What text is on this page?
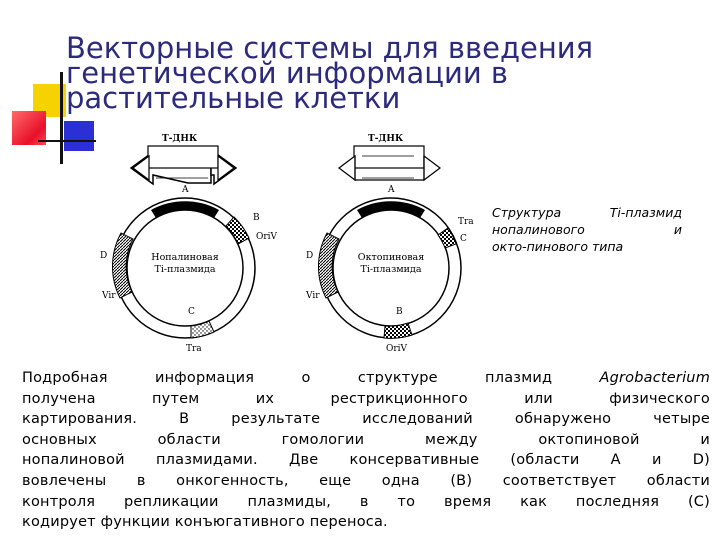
Векторные системы для введения
генетической информации в
растительные клетки
Т-ДНК
A
B
OriV
D
Vir
C
Tra
Нопалиновая
Ti-плазмида
Т-ДНК
A
Tra
C
D
Vir
B
OriV
Октопиновая
Ti-плазмида
Структура Ti-плазмид
нопалинового и
окто-пинового типа
Подробная информация о структуре плазмид	Agrobacterium
получена путем их рестрикционного или физического
картирования. В результате исследований обнаружено четыре
основных области гомологии между октопиновой и
нопалиновой плазмидами. Две консервативные (области A и D)
вовлечены в онкогенность, еще одна (B) соответствует области
контроля репликации плазмиды, в то время как последняя (C)
кодирует функции конъюгативного переноса.
